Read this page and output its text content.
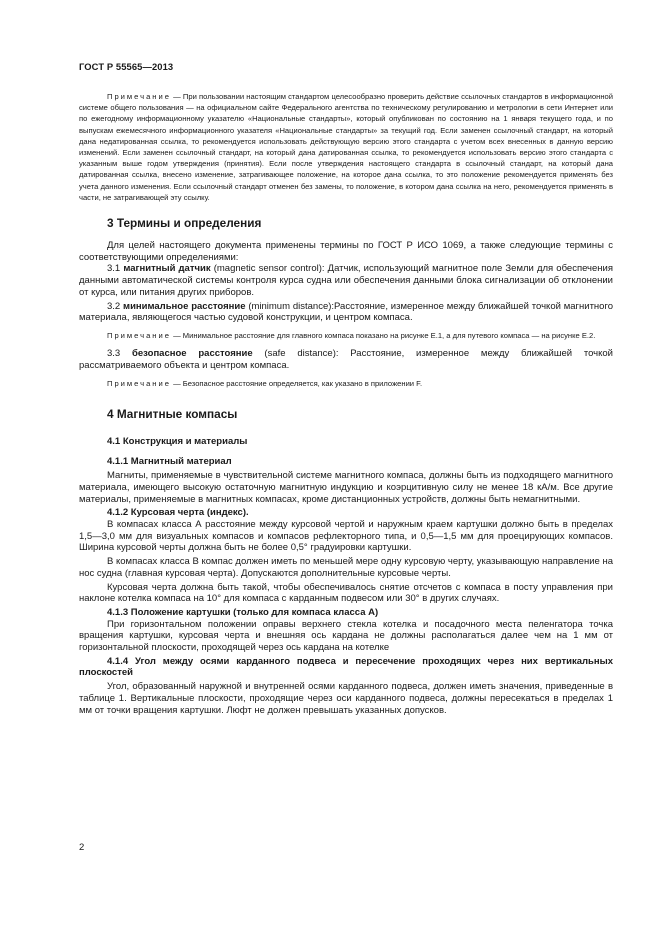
ГОСТ Р 55565—2013

Примечание — При пользовании настоящим стандартом целесообразно проверить действие ссылочных стандартов в информационной системе общего пользования — на официальном сайте Федерального агентства по техническому регулированию и метрологии в сети Интернет или по ежегодному информационному указателю «Национальные стандарты», который опубликован по состоянию на 1 января текущего года, и по выпускам ежемесячного информационного указателя «Национальные стандарты» за текущий год. Если заменен ссылочный стандарт, на который дана недатированная ссылка, то рекомендуется использовать действующую версию этого стандарта с учетом всех внесенных в данную версию изменений. Если заменен ссылочный стандарт, на который дана датированная ссылка, то рекомендуется использовать версию этого стандарта с указанным выше годом утверждения (принятия). Если после утверждения настоящего стандарта в ссылочный стандарт, на который дана датированная ссылка, внесено изменение, затрагивающее положение, на которое дана ссылка, то это положение рекомендуется применять без учета данного изменения. Если ссылочный стандарт отменен без замены, то положение, в котором дана ссылка на него, рекомендуется применять в части, не затрагивающей эту ссылку.

3 Термины и определения

Для целей настоящего документа применены термины по ГОСТ Р ИСО 1069, а также следующие термины с соответствующими определениями:

3.1 магнитный датчик (magnetic sensor control): Датчик, использующий магнитное поле Земли для обеспечения данными автоматической системы контроля курса судна или обеспечения данными блока сигнализации об отклонении от курса, или питания других приборов.

3.2 минимальное расстояние (minimum distance):Расстояние, измеренное между ближайшей точкой магнитного материала, являющегося частью судовой конструкции, и центром компаса.

Примечание — Минимальное расстояние для главного компаса показано на рисунке Е.1, а для путевого компаса — на рисунке Е.2.

3.3 безопасное расстояние (safe distance): Расстояние, измеренное между ближайшей точкой рассматриваемого объекта и центром компаса.

Примечание — Безопасное расстояние определяется, как указано в приложении F.

4 Магнитные компасы
4.1 Конструкция и материалы
4.1.1 Магнитный материал

Магниты, применяемые в чувствительной системе магнитного компаса, должны быть из подходящего магнитного материала, имеющего высокую остаточную магнитную индукцию и коэрцитивную силу не менее 18 кА/м. Все другие материалы, применяемые в магнитных компасах, кроме дистанционных устройств, должны быть немагнитными.

4.1.2 Курсовая черта (индекс).

В компасах класса А расстояние между курсовой чертой и наружным краем картушки должно быть в пределах 1,5—3,0 мм для визуальных компасов и компасов рефлекторного типа, и 0,5—1,5 мм для проецирующих компасов. Ширина курсовой черты должна быть не более 0,5° градуировки картушки.

В компасах класса В компас должен иметь по меньшей мере одну курсовую черту, указывающую направление на нос судна (главная курсовая черта). Допускаются дополнительные курсовые черты.

Курсовая черта должна быть такой, чтобы обеспечивалось снятие отсчетов с компаса в посту управления при наклоне котелка компаса на 10° для компаса с карданным подвесом или 30° в других случаях.

4.1.3 Положение картушки (только для компаса класса А)

При горизонтальном положении оправы верхнего стекла котелка и посадочного места пеленгатора точка вращения картушки, курсовая черта и внешняя ось кардана не должны располагаться далее чем на 1 мм от горизонтальной плоскости, проходящей через ось кардана на котелке

4.1.4 Угол между осями карданного подвеса и пересечение проходящих через них вертикальных плоскостей

Угол, образованный наружной и внутренней осями карданного подвеса, должен иметь значения, приведенные в таблице 1. Вертикальные плоскости, проходящие через оси карданного подвеса, должны пересекаться в пределах 1 мм от точки вращения картушки. Люфт не должен превышать указанных допусков.

2
